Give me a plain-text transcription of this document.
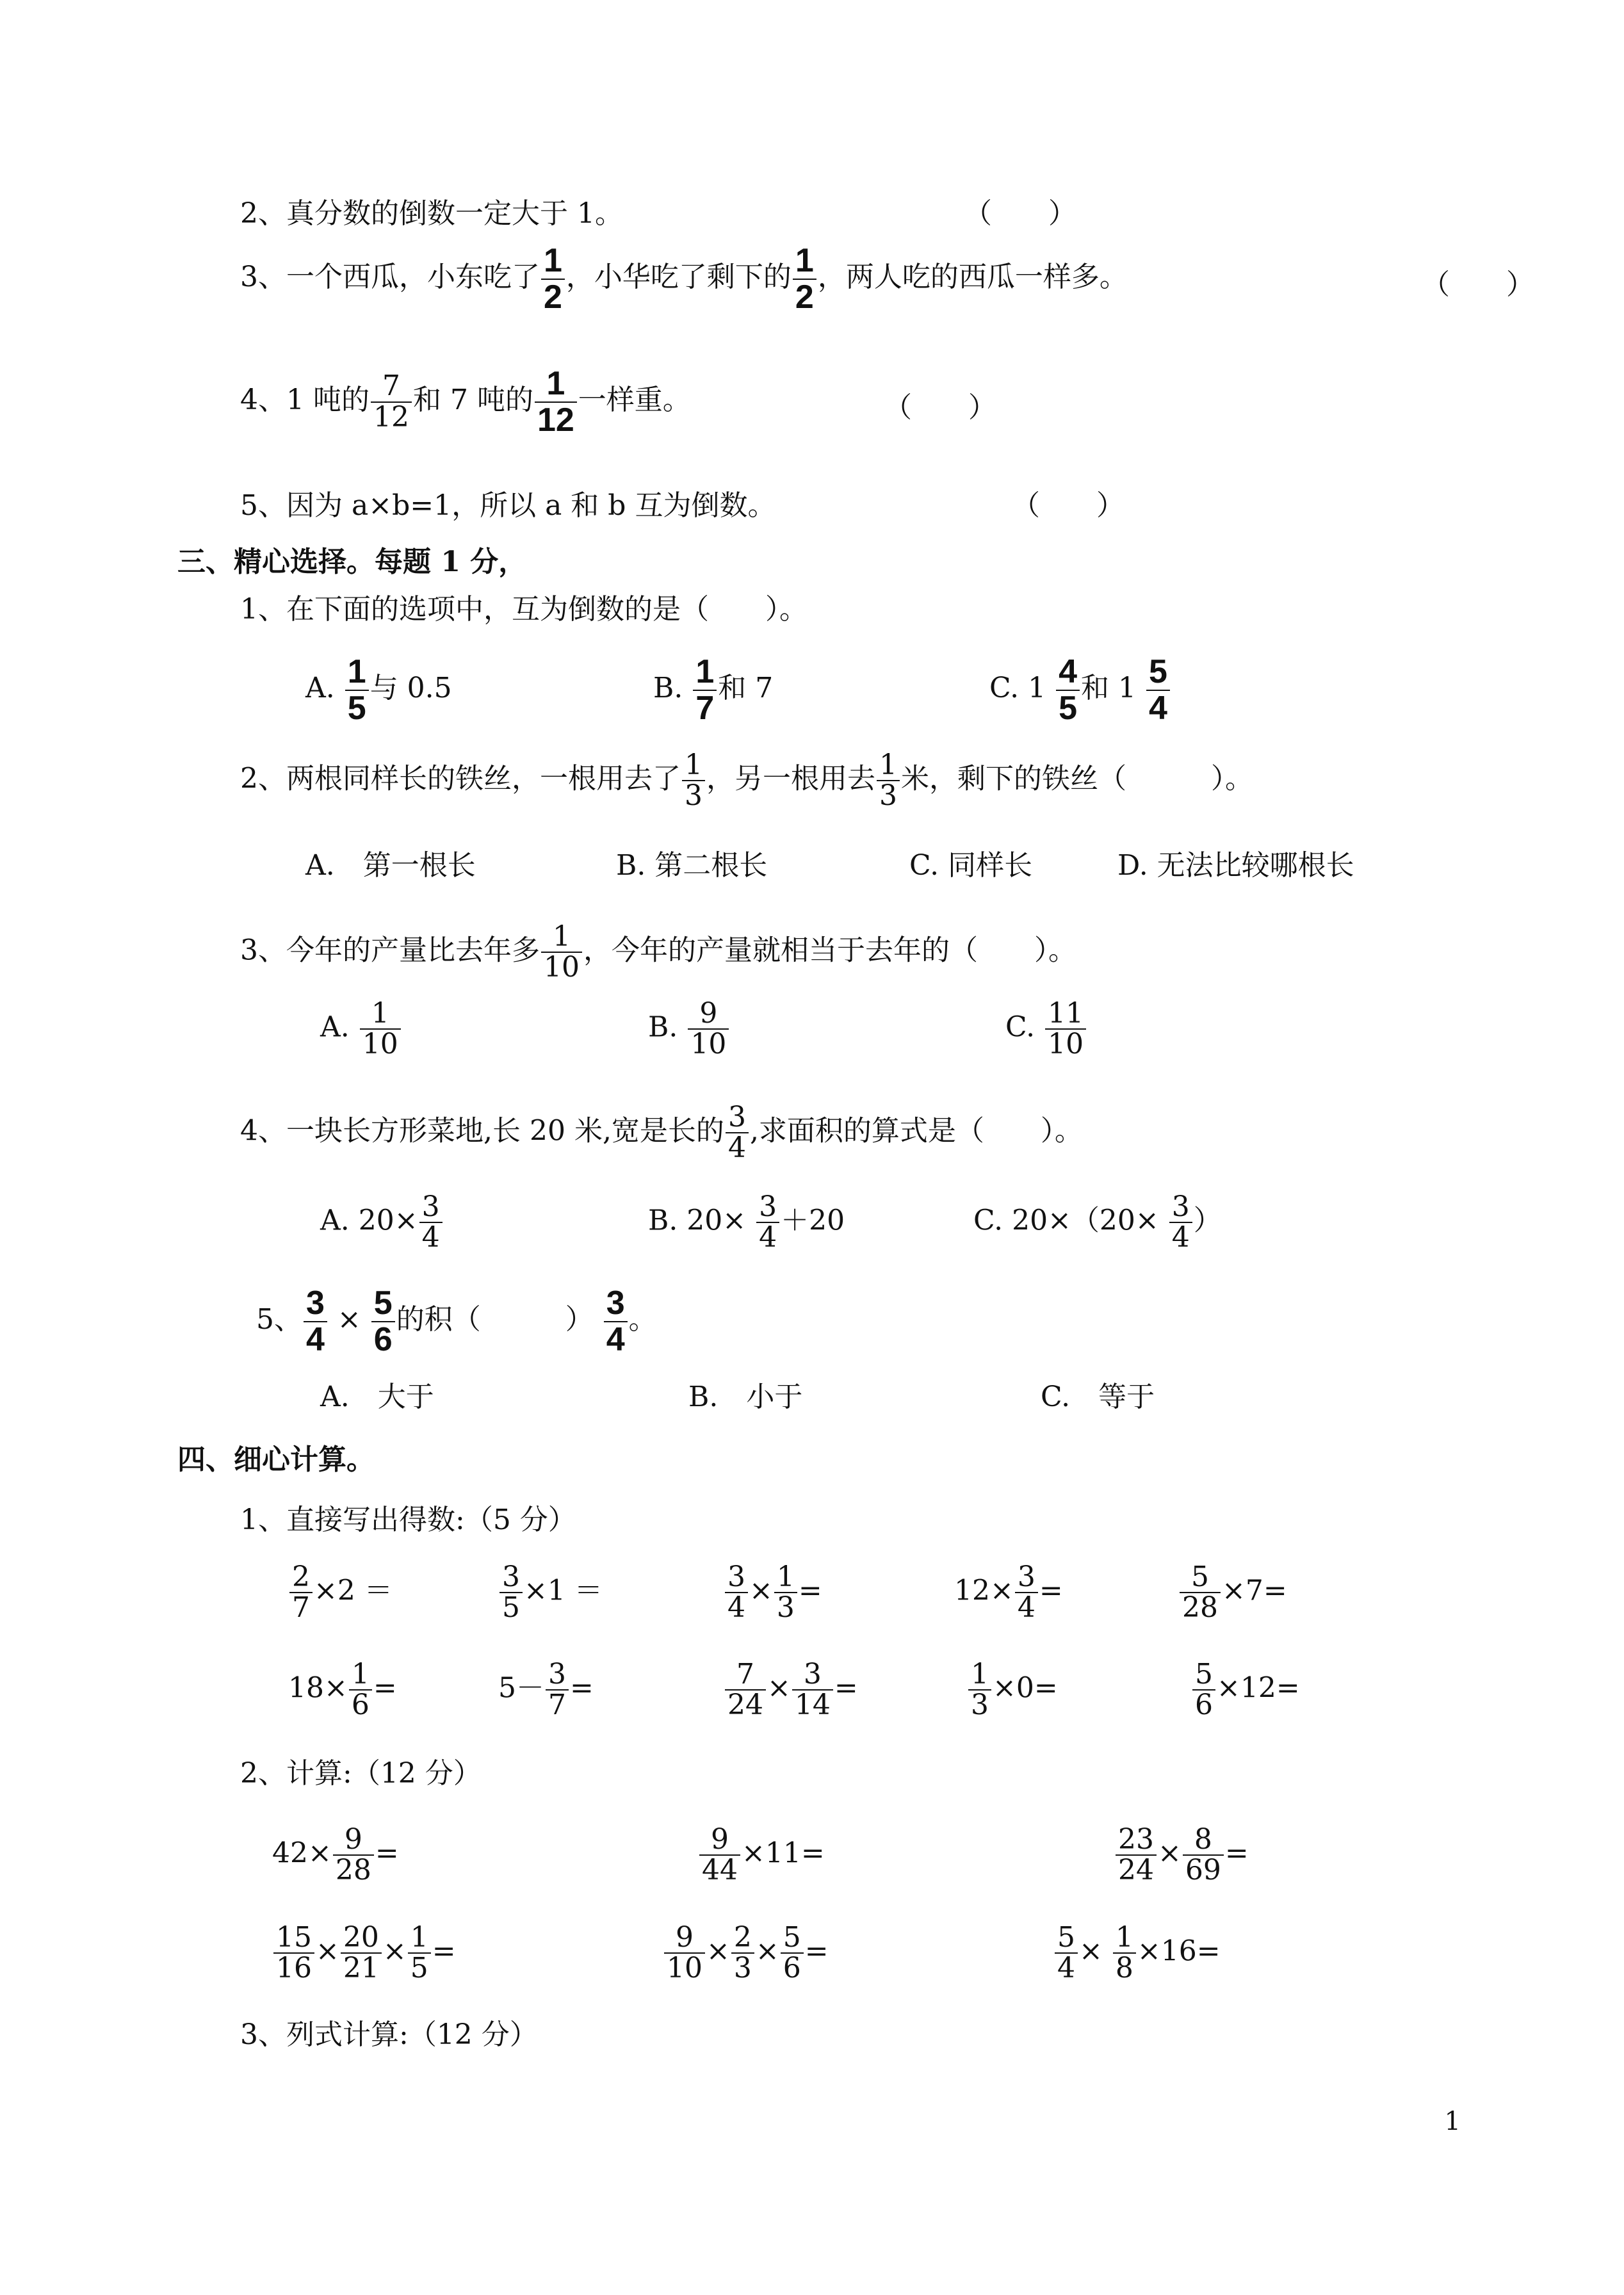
2、真分数的倒数一定大于 1。	（　　）
3、一个西瓜，小东吃了 $\frac{1}{2}$ ，小华吃了剩下的 $\frac{1}{2}$ ，两人吃的西瓜一样多。	（　　）
4、1 吨的 $\frac{7}{12}$ 和 7 吨的 $\frac{1}{12}$ 一样重。	（　　）
5、因为 a×b=1，所以 a 和 b 互为倒数。	（　　）
三、精心选择。每题 1 分，
1、在下面的选项中，互为倒数的是（　　）。
A. $\frac{1}{5}$ 与 0.5	B. $\frac{1}{7}$ 和 7	C. $1 \frac{4}{5}$ 和 $1 \frac{5}{4}$
2、两根同样长的铁丝，一根用去了 $\frac{1}{3}$ ，另一根用去 $\frac{1}{3}$ 米，剩下的铁丝（　　　）。
A.　第一根长	B. 第二根长	C. 同样长	D. 无法比较哪根长
3、今年的产量比去年多 $\frac{1}{10}$ ，今年的产量就相当于去年的（　　）。
A. $\frac{1}{10}$	B. $\frac{9}{10}$	C. $\frac{11}{10}$
4、一块长方形菜地,长 20 米,宽是长的 $\frac{3}{4}$ ,求面积的算式是（　　）。
A. $20\times \frac{3}{4}$	B. $20\times \frac{3}{4} +20$	C. $20\times(20\times \frac{3}{4}$ ）
5、 $\frac{3}{4} \times \frac{5}{6}$ 的积（　　　） $\frac{3}{4}$ 。
A.　大于	B.　小于	C.　等于
四、细心计算。
1、直接写出得数:（5 分）
$\frac{2}{7} \times 2$ ＝	$\frac{3}{5} \times 1$ ＝	$\frac{3}{4} \times \frac{1}{3}$ =	$12\times \frac{3}{4}$ =	$\frac{5}{28} \times 7=$
$18\times \frac{1}{6}$ =	$5- \frac{3}{7}$ =	$\frac{7}{24} \times \frac{3}{14}$ =	$\frac{1}{3} \times 0=$	$\frac{5}{6} \times 12=$
2、计算:（12 分）
$42\times \frac{9}{28}$ =	$\frac{9}{44} \times 11=$	$\frac{23}{24} \times \frac{8}{69}$ =
$\frac{15}{16} \times \frac{20}{21} \times \frac{1}{5}$ =	$\frac{9}{10} \times \frac{2}{3} \times \frac{5}{6}$ =	$\frac{5}{4} \times \frac{1}{8} \times 16=$
3、列式计算:（12 分）
1
